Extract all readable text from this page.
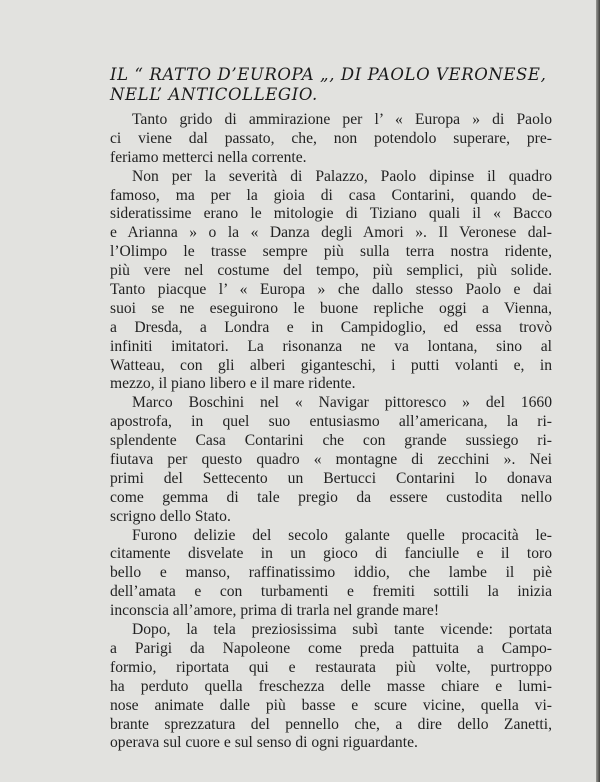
IL “ RATTO D’EUROPA „, DI PAOLO VERONESE,
NELL’ ANTICOLLEGIO.
Tanto grido di ammirazione per l’ « Europa » di Paolo
ci viene dal passato, che, non potendolo superare, pre-
feriamo metterci nella corrente.
Non per la severità di Palazzo, Paolo dipinse il quadro
famoso, ma per la gioia di casa Contarini, quando de-
sideratissime erano le mitologie di Tiziano quali il « Bacco
e Arianna » o la « Danza degli Amori ». Il Veronese dal-
l’Olimpo le trasse sempre più sulla terra nostra ridente,
più vere nel costume del tempo, più semplici, più solide.
Tanto piacque l’ « Europa » che dallo stesso Paolo e dai
suoi se ne eseguirono le buone repliche oggi a Vienna,
a Dresda, a Londra e in Campidoglio, ed essa trovò
infiniti imitatori. La risonanza ne va lontana, sino al
Watteau, con gli alberi giganteschi, i putti volanti e, in
mezzo, il piano libero e il mare ridente.
Marco Boschini nel « Navigar pittoresco » del 1660
apostrofa, in quel suo entusiasmo all’americana, la ri-
splendente Casa Contarini che con grande sussiego ri-
fiutava per questo quadro « montagne di zecchini ». Nei
primi del Settecento un Bertucci Contarini lo donava
come gemma di tale pregio da essere custodita nello
scrigno dello Stato.
Furono delizie del secolo galante quelle procacità le-
citamente disvelate in un gioco di fanciulle e il toro
bello e manso, raffinatissimo iddio, che lambe il piè
dell’amata e con turbamenti e fremiti sottili la inizia
inconscia all’amore, prima di trarla nel grande mare!
Dopo, la tela preziosissima subì tante vicende: portata
a Parigi da Napoleone come preda pattuita a Campo-
formio, riportata qui e restaurata più volte, purtroppo
ha perduto quella freschezza delle masse chiare e lumi-
nose animate dalle più basse e scure vicine, quella vi-
brante sprezzatura del pennello che, a dire dello Zanetti,
operava sul cuore e sul senso di ogni riguardante.
